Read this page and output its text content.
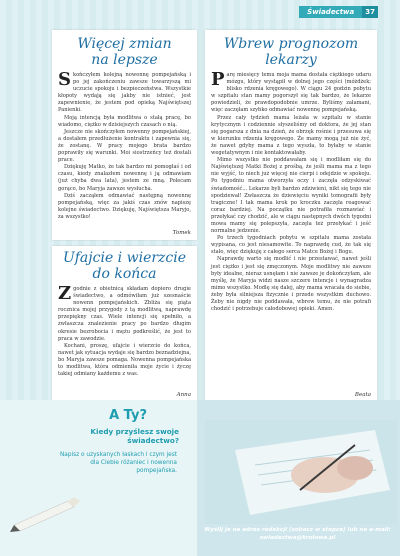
Świadectwa	37
Więcej zmian
na lepsze

Skończyłem kolejną nowennę pompejańską i po jej zakończeniu zawsze towarzyszą mi uczucie spokoju i bezpieczeństwa. Wszystkie kłopoty wydają się jakby nie istnieć, jest zapewnienie, że jestem pod opieką Najświętszej Panienki.

Moją intencją była modlitwa o stałą pracę, bo wiadomo, ciężko w dzisiejszych czasach o nią.

Jeszcze nie skończyłem nowenny pompejańskiej, a dostałem przedłużenie kontraktu i zapewnia się, że zostanę. W pracy mojego brata bardzo poprawiły się warunki. Moi siostrzeńcy też dostali prace.

Dziękuję Matko, że tak bardzo mi pomogłaś i od czasu, kiedy znalazłem nowennę i ją odmawiam (już chyba dwa lata), jestem ze mną. Polecam gorąco, bo Maryja zawsze wysłucha.

Dziś zacząłem odmawiać następną nowennę pompejańską, więc za jakiś czas znów napiszę kolejne świadectwo. Dziękuję, Najświętsza Maryjo, za wszystko!

Tomek
Wbrew prognozom
lekarzy

Parę miesięcy temu moja mama dostała ciężkiego udaru mózgu, który wystąpił w dolnej jego części (móżdżek; blisko rdzenia kręgowego). W ciągu 24 godzin pobytu w szpitalu stan mamy pogorszył się tak bardzo, że lekarze powiedzieli, że prawdopodobnie umrze. Byliśmy załamani, więc zaczęłam szybko odmawiać nowennę pompejańską.

Przez cały tydzień mama leżała w szpitalu w stanie krytycznym i codziennie słyszeliśmy od doktora, że jej stan się pogarsza z dnia na dzień, że obrzęk rośnie i przesuwa się w kierunku rdzenia kręgowego. Że mamy mogą już nie żyć, że nawet gdyby mama z tego wyszła, to byłaby w stanie wegetatywnym i nie kontaktowałaby.

Mimo wszystko nie poddawałam się i modliłam się do Najświętszej Matki Bożej z prośbą, że jeśli mama ma z tego nie wyjść, to niech już więcej nie cierpi i odejdzie w spokoju. Po tygodniu mama otworzyła oczy i zaczęła odzyskiwać świadomość... Lekarze byli bardzo zdziwieni, nikt się tego nie spodziewał! Zwłaszcza że dziewięciu wyniki tomografii były tragiczne! I tak mama krok po kroczku zaczęła reagować coraz bardziej. Na początku nie potrafiła rozmawiać i przełykać czy chodzić, ale w ciągu następnych dwóch tygodni mowa mamy się polepszyła, zaczęła też przełykać i jeść normalne jedzenie.

Po trzech tygodniach pobytu w szpitalu mama została wypisana, co jest niesamowite. To naprawdę cud, że tak się stało, więc dziękuję z całego serca Matce Bożej i Bogu.

Naprawdę warto się modlić i nie przestawać, nawet jeśli jest ciężko i jest się zmęczonym. Moje modlitwy nie zawsze były idealne, nieraz usnęłam i nie zawsze je dokończyłam, ale myślę, że Maryja widzi nasze szczere intencje i wynagradza mimo wszystko. Modlę się dalej, aby mama wracała do siebie, żeby była silniejsza fizycznie i przede wszystkim duchowo. Żeby nie nigdy nie poddawała, wbrew temu, że nie potrafi chodzić i potrzebuje całodobowej opieki. Amen.

Beata
Ufajcie i wierzcie
do końca

Zgodnie z obietnicą składam dopiero drugie świadectwo, a odmówiłam już szesnaście nowenn pompejańskich. Zbliża się piąta rocznica mojej przygody z tą modlitwą, naprawdę przepiękny czas. Wiele intencji się spełniło, a zwłaszcza znalezienie pracy po bardzo długim okresie bezrobocia i mężu podkreślić, że jest to praca w zawodzie.

Kochani, proszę, ufajcie i wierzcie do końca, nawet jak sytuacja wydaje się bardzo beznadziejna, bo Maryja zawsze pomaga. Nowenna pompejańska to modlitwa, która odmieniła moje życie i życzę takiej odmiany każdemu z was.

Anna
A Ty?
Kiedy przyślesz swoje świadectwo?
Napisz o uzyskanych łaskach i czym jest dla Ciebie różaniec i nowenna pompejańska.
Wyślij je na adres redakcji (zobacz w stopce) lub na e-mail: swiadectwa@krolowa.pl
